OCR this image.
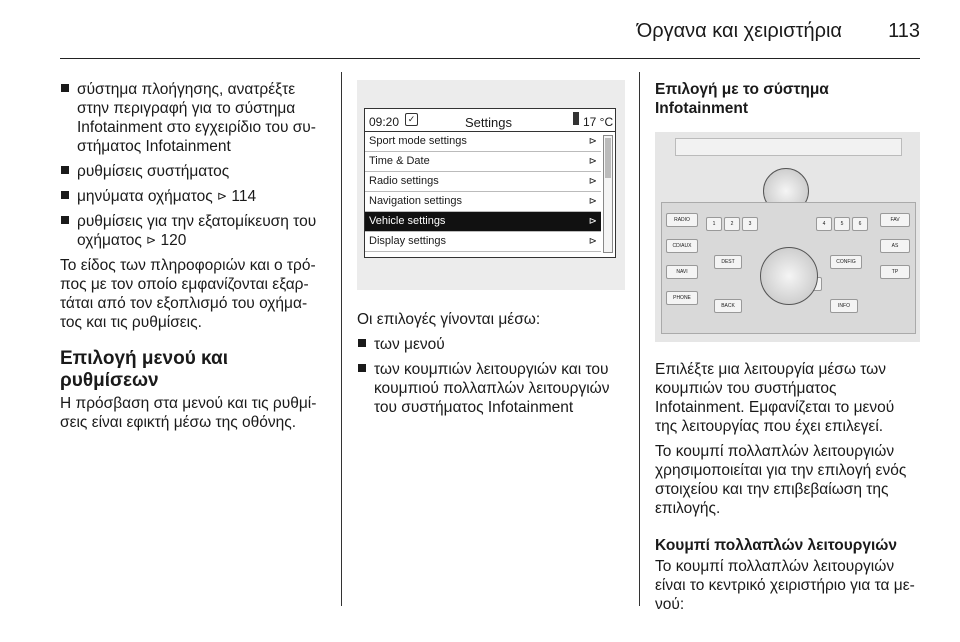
Όργανα και χειριστήρια 113
σύστημα πλοήγησης, ανατρέξτε στην περιγραφή για το σύστημα Infotainment στο εγχειρίδιο του συ- στήματος Infotainment
ρυθμίσεις συστήματος
μηνύματα οχήματος ⊳ 114
ρυθμίσεις για την εξατομίκευση του οχήματος ⊳ 120

Το είδος των πληροφοριών και ο τρό- πος με τον οποίο εμφανίζονται εξαρ- τάται από τον εξοπλισμό του οχήμα- τος και τις ρυθμίσεις.

Επιλογή μενού και ρυθμίσεων

Η πρόσβαση στα μενού και τις ρυθμί- σεις είναι εφικτή μέσω της οθόνης.

09:20 ✓	Settings	17 °C
Sport mode settings	⊳
Time & Date	⊳
Radio settings	⊳
Navigation settings	⊳
Vehicle settings	⊳
Display settings	⊳

Οι επιλογές γίνονται μέσω:

των μενού
των κουμπιών λειτουργιών και του κουμπιού πολλαπλών λειτουργιών του συστήματος Infotainment
Επιλογή με το σύστημα Infotainment
RADIO
CD/AUX
NAVI
PHONE
1	2	3	4	5	6
DEST
BACK
CONFIG
INFO
FAV
AS
TP

Επιλέξτε μια λειτουργία μέσω των κουμπιών του συστήματος Infotainment. Εμφανίζεται το μενού της λειτουργίας που έχει επιλεγεί.

Το κουμπί πολλαπλών λειτουργιών χρησιμοποιείται για την επιλογή ενός στοιχείου και την επιβεβαίωση της επιλογής.

Κουμπί πολλαπλών λειτουργιών

Το κουμπί πολλαπλών λειτουργιών είναι το κεντρικό χειριστήριο για τα με- νού:
